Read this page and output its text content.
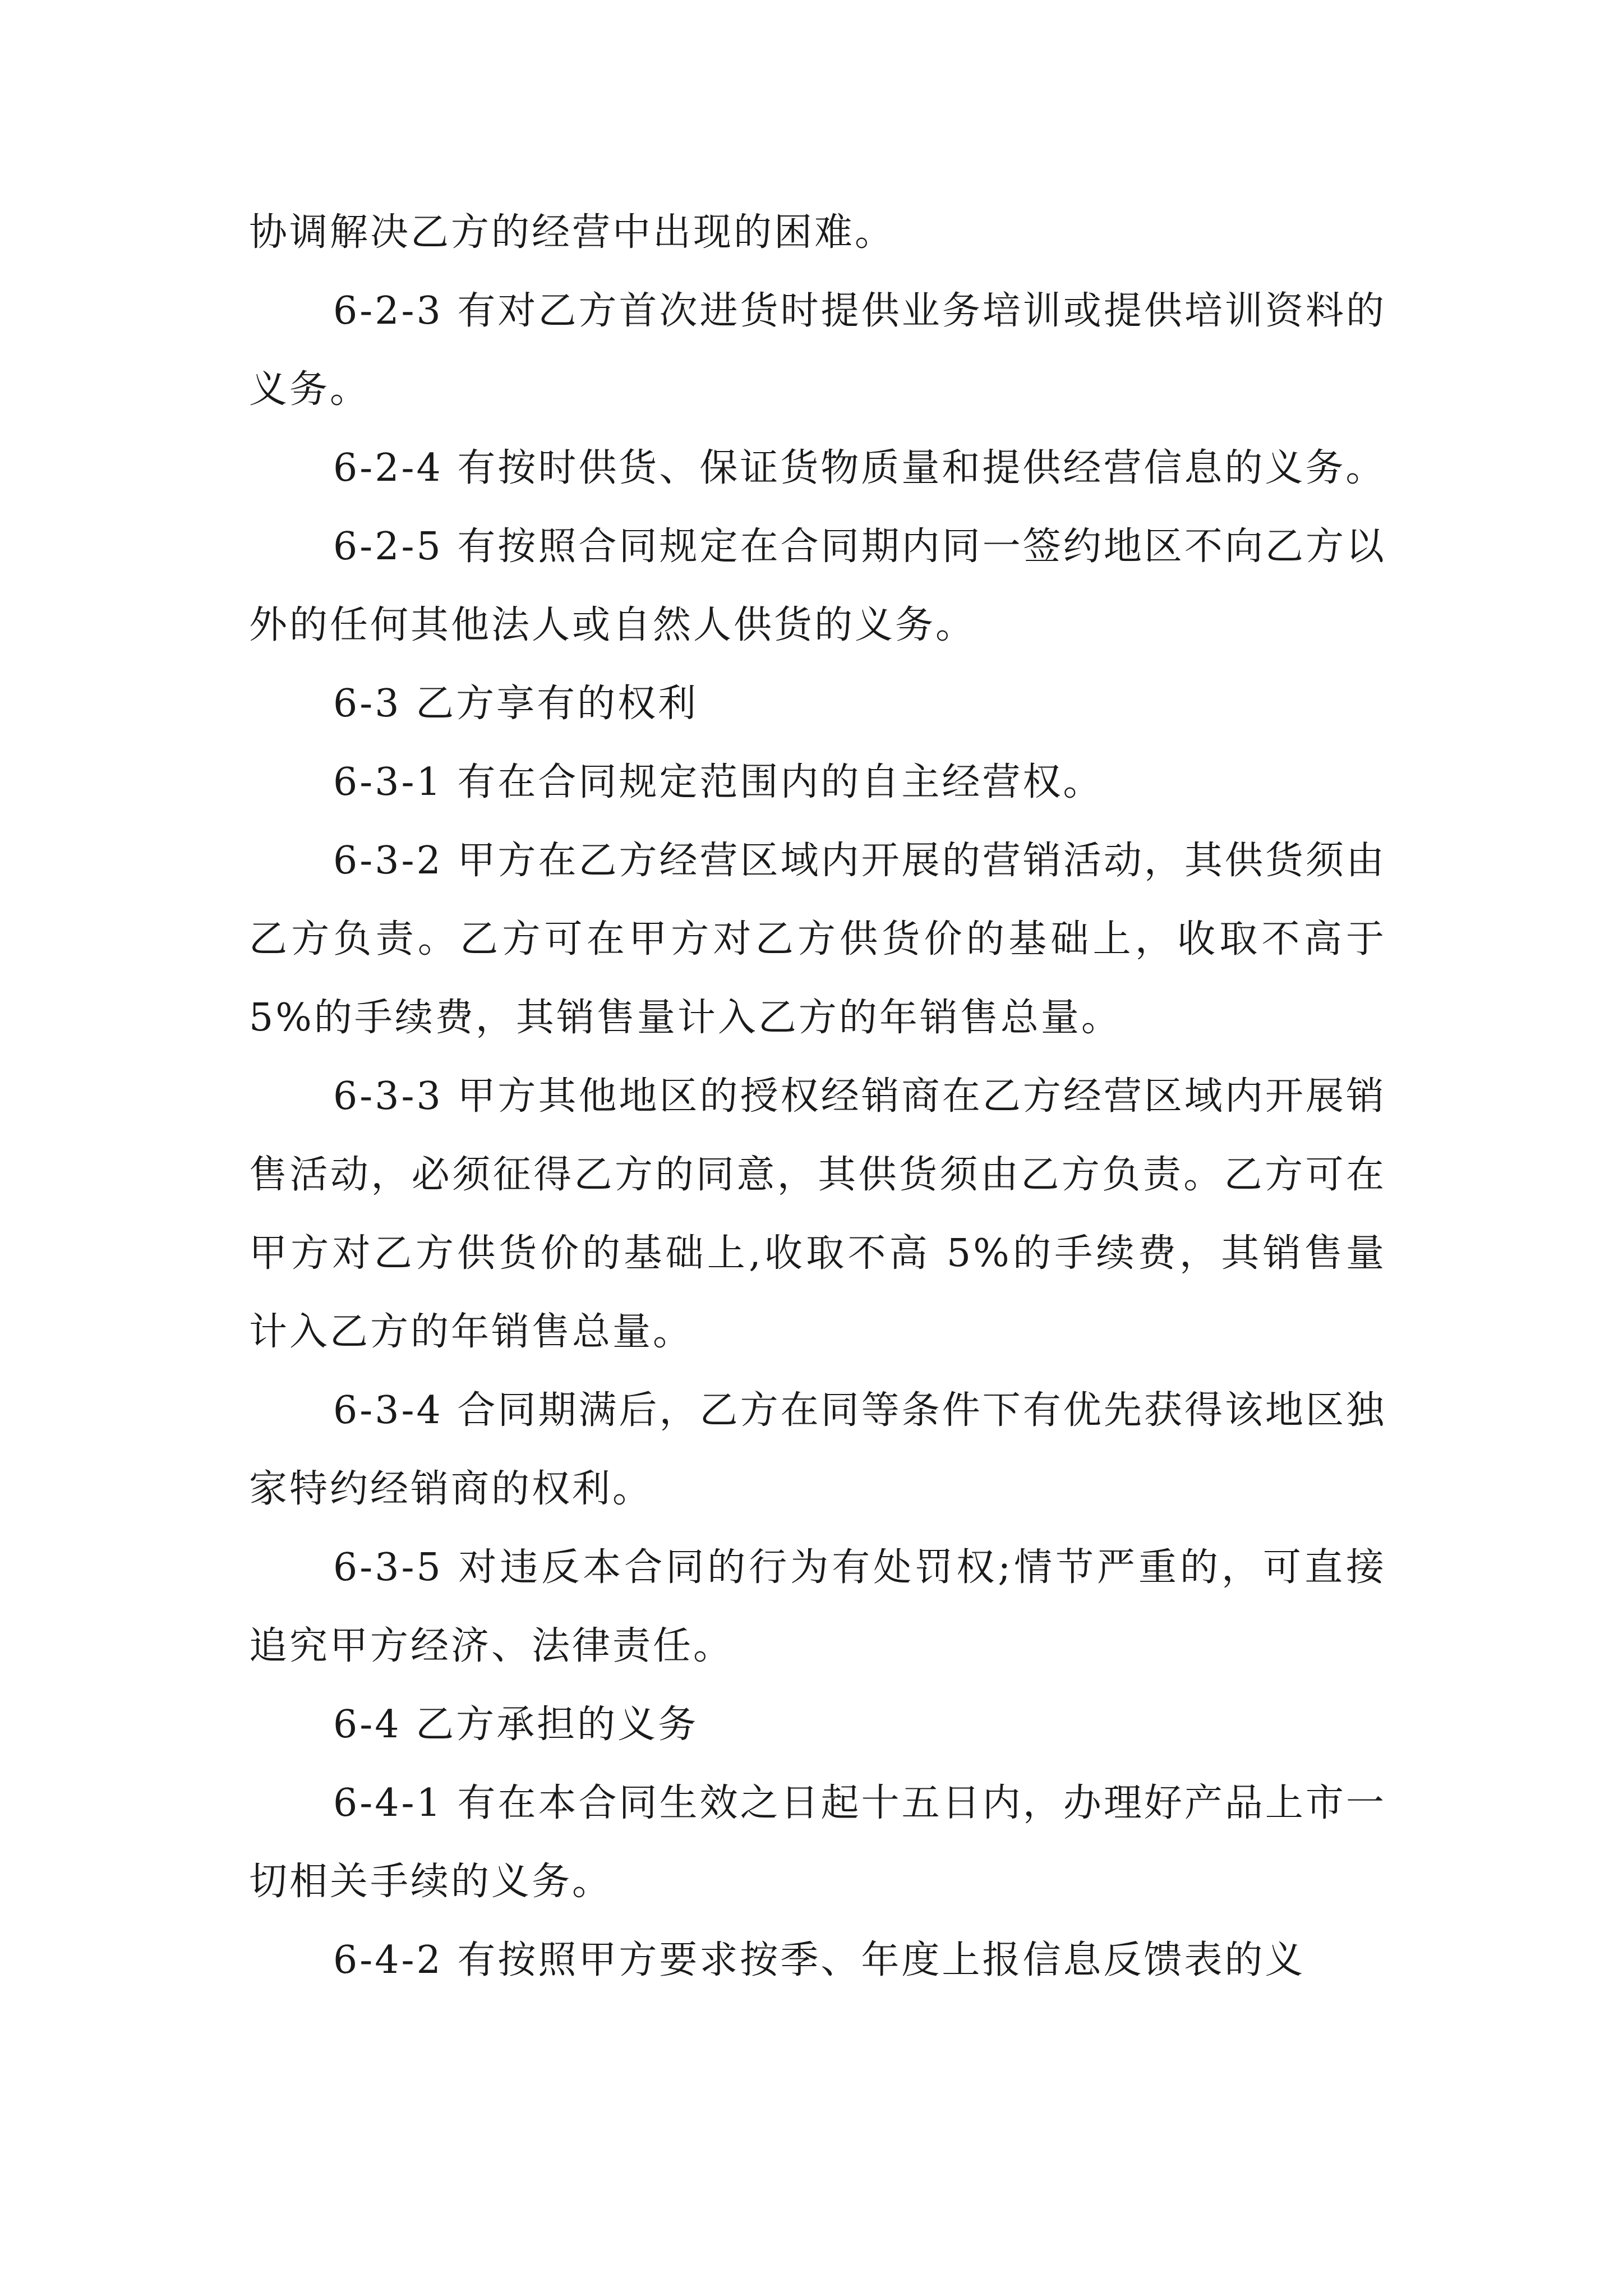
协调解决乙方的经营中出现的困难。

6-2-3 有对乙方首次进货时提供业务培训或提供培训资料的义务。

6-2-4 有按时供货、保证货物质量和提供经营信息的义务。

6-2-5 有按照合同规定在合同期内同一签约地区不向乙方以外的任何其他法人或自然人供货的义务。

6-3 乙方享有的权利

6-3-1 有在合同规定范围内的自主经营权。

6-3-2 甲方在乙方经营区域内开展的营销活动，其供货须由乙方负责。乙方可在甲方对乙方供货价的基础上，收取不高于 5%的手续费，其销售量计入乙方的年销售总量。

6-3-3 甲方其他地区的授权经销商在乙方经营区域内开展销售活动，必须征得乙方的同意，其供货须由乙方负责。乙方可在甲方对乙方供货价的基础上,收取不高 5%的手续费，其销售量计入乙方的年销售总量。

6-3-4 合同期满后，乙方在同等条件下有优先获得该地区独家特约经销商的权利。

6-3-5 对违反本合同的行为有处罚权;情节严重的，可直接追究甲方经济、法律责任。

6-4 乙方承担的义务

6-4-1 有在本合同生效之日起十五日内，办理好产品上市一切相关手续的义务。

6-4-2 有按照甲方要求按季、年度上报信息反馈表的义
